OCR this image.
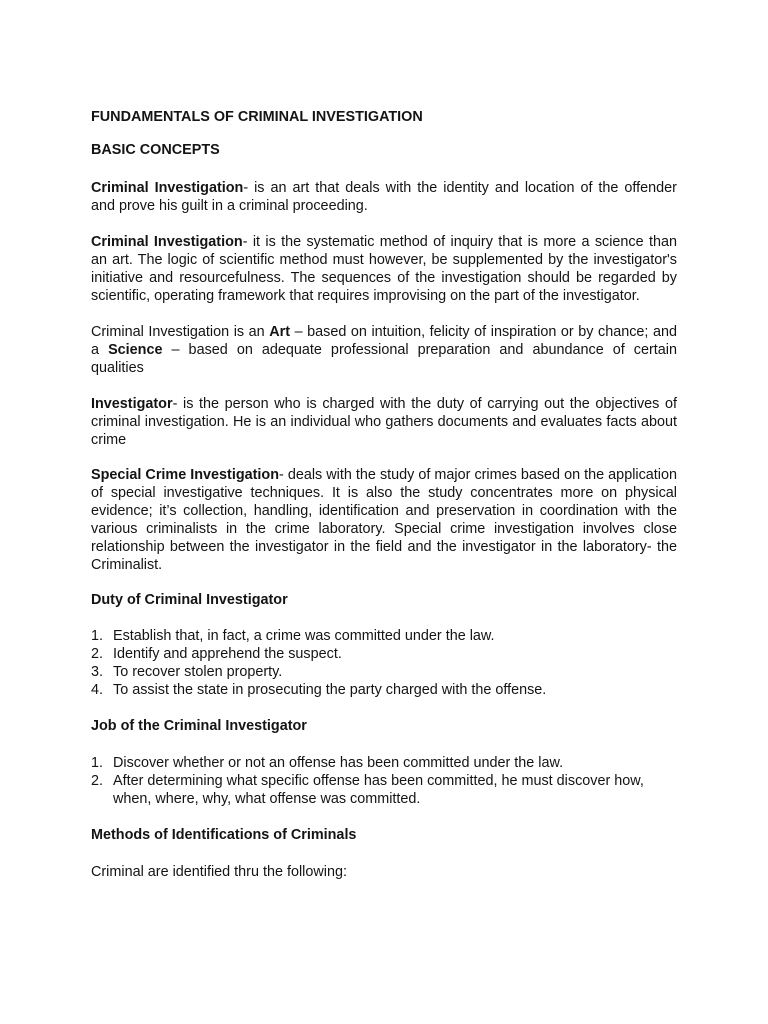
FUNDAMENTALS OF CRIMINAL INVESTIGATION

BASIC CONCEPTS

Criminal Investigation- is an art that deals with the identity and location of the offender and prove his guilt in a criminal proceeding.

Criminal Investigation- it is the systematic method of inquiry that is more a science than an art. The logic of scientific method must however, be supplemented by the investigator's initiative and resourcefulness. The sequences of the investigation should be regarded by scientific, operating framework that requires improvising on the part of the investigator.

Criminal Investigation is an Art – based on intuition, felicity of inspiration or by chance; and a Science – based on adequate professional preparation and abundance of certain qualities

Investigator- is the person who is charged with the duty of carrying out the objectives of criminal investigation. He is an individual who gathers documents and evaluates facts about crime

Special Crime Investigation- deals with the study of major crimes based on the application of special investigative techniques. It is also the study concentrates more on physical evidence; it’s collection, handling, identification and preservation in coordination with the various criminalists in the crime laboratory. Special crime investigation involves close relationship between the investigator in the field and the investigator in the laboratory- the Criminalist.

Duty of Criminal Investigator

1. Establish that, in fact, a crime was committed under the law.
2. Identify and apprehend the suspect.
3. To recover stolen property.
4. To assist the state in prosecuting the party charged with the offense.

Job of the Criminal Investigator

1. Discover whether or not an offense has been committed under the law.
2. After determining what specific offense has been committed, he must discover how, when, where, why, what offense was committed.

Methods of Identifications of Criminals

Criminal are identified thru the following:
